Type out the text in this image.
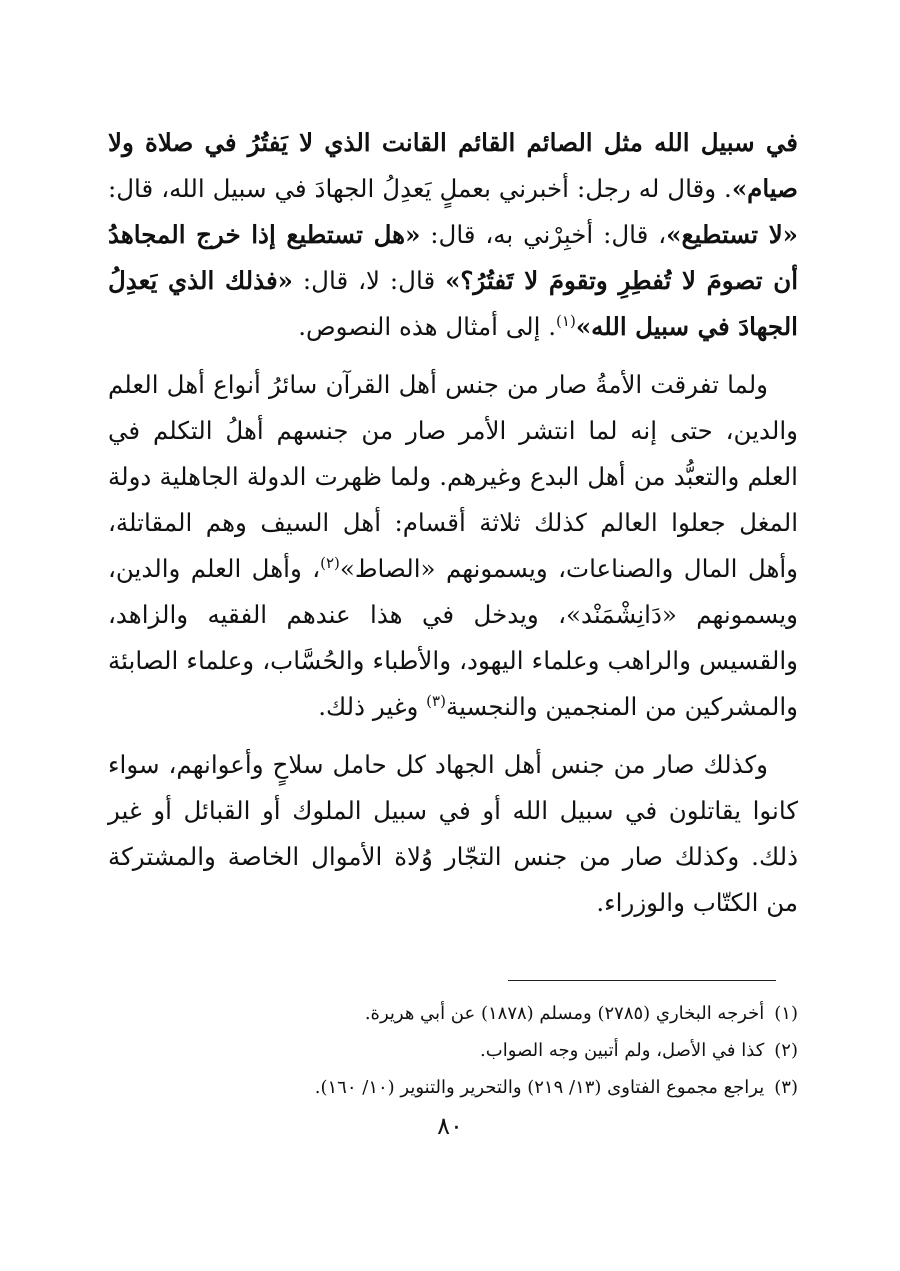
في سبيل الله مثل الصائم القائم القانت الذي لا يَفتُرُ في صلاة ولا صيام». وقال له رجل: أخبرني بعملٍ يَعدِلُ الجهادَ في سبيل الله، قال: «لا تستطيع»، قال: أخبِرْني به، قال: «هل تستطيع إذا خرج المجاهدُ أن تصومَ لا تُفطِرِ وتقومَ لا تَفتُرُ؟» قال: لا، قال: «فذلك الذي يَعدِلُ الجهادَ في سبيل الله»$^{(١)}$. إلى أمثال هذه النصوص.

ولما تفرقت الأمةُ صار من جنس أهل القرآن سائرُ أنواع أهل العلم والدين، حتى إنه لما انتشر الأمر صار من جنسهم أهلُ التكلم في العلم والتعبُّد من أهل البدع وغيرهم. ولما ظهرت الدولة الجاهلية دولة المغل جعلوا العالم كذلك ثلاثة أقسام: أهل السيف وهم المقاتلة، وأهل المال والصناعات، ويسمونهم «الصاط»$^{(٢)}$، وأهل العلم والدين، ويسمونهم «دَانِشْمَنْد»، ويدخل في هذا عندهم الفقيه والزاهد، والقسيس والراهب وعلماء اليهود، والأطباء والحُسَّاب، وعلماء الصابئة والمشركين من المنجمين والنجسية$^{(٣)}$ وغير ذلك.

وكذلك صار من جنس أهل الجهاد كل حامل سلاحٍ وأعوانهم، سواء كانوا يقاتلون في سبيل الله أو في سبيل الملوك أو القبائل أو غير ذلك. وكذلك صار من جنس التجّار وُلاة الأموال الخاصة والمشتركة من الكتّاب والوزراء.

(١)أخرجه البخاري (٢٧٨٥) ومسلم (١٨٧٨) عن أبي هريرة.
(٢)كذا في الأصل، ولم أتبين وجه الصواب.
(٣)يراجع مجموع الفتاوى (١٣/ ٢١٩) والتحرير والتنوير (١٠/ ١٦٠).
٨٠
